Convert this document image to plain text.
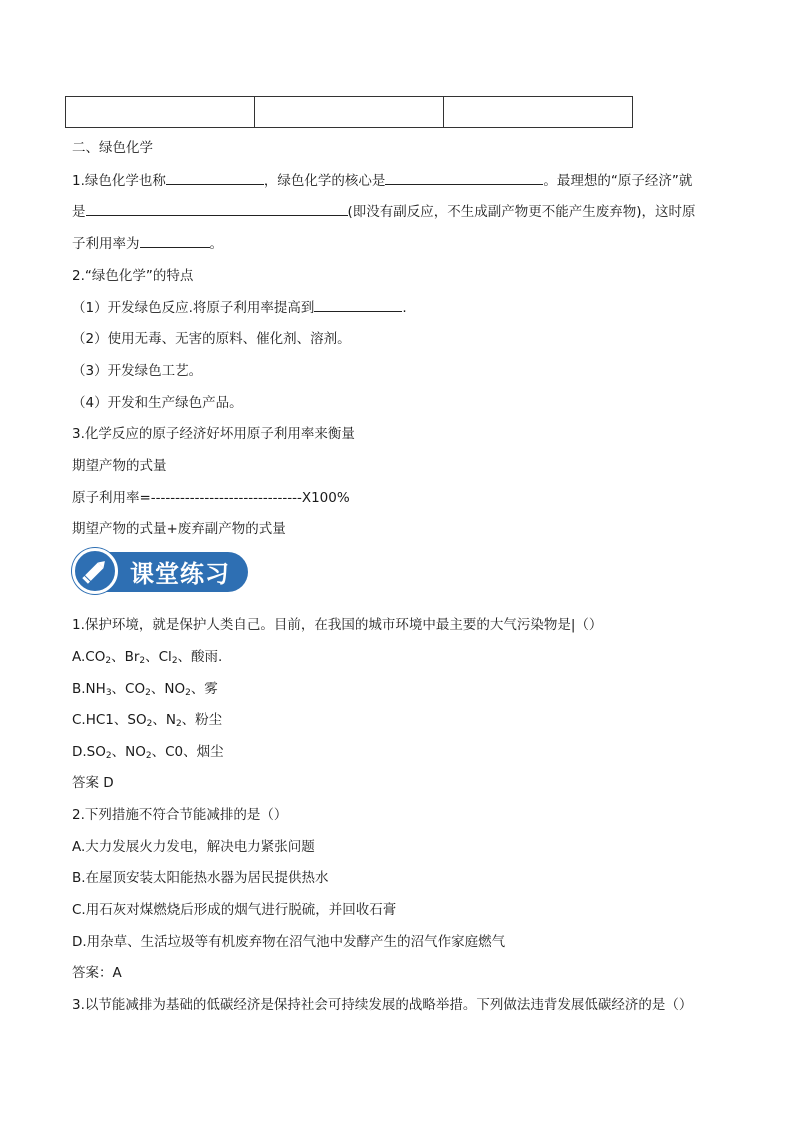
二、绿色化学
1.绿色化学也称	，绿色化学的核心是	。最理想的“原子经济”就
是	(即没有副反应，不生成副产物更不能产生废弃物)，这时原
子利用率为	。
2.“绿色化学”的特点
（1）开发绿色反应.将原子利用率提高到	.
（2）使用无毒、无害的原料、催化剂、溶剂。
（3）开发绿色工艺。
（4）开发和生产绿色产品。
3.化学反应的原子经济好坏用原子利用率来衡量
期望产物的式量
原子利用率=-------------------------------X100%
期望产物的式量+废弃副产物的式量
课堂练习
1.保护环境，就是保护人类自己。目前，在我国的城市环境中最主要的大气污染物是|（）
$A.CO_2$、$Br_2$、$Cl_2$、酸雨.
$B.NH_3$、$CO_2$、$NO_2$、雾
C.HC1、$SO_2$、$N_2$、粉尘
$D.SO_2$、$NO_2$、C0、烟尘
答案 D
2.下列措施不符合节能减排的是（）
A.大力发展火力发电，解决电力紧张问题
B.在屋顶安装太阳能热水器为居民提供热水
C.用石灰对煤燃烧后形成的烟气进行脱硫，并回收石膏
D.用杂草、生活垃圾等有机废弃物在沼气池中发酵产生的沼气作家庭燃气
答案：A
3.以节能减排为基础的低碳经济是保持社会可持续发展的战略举措。下列做法违背发展低碳经济的是（）
